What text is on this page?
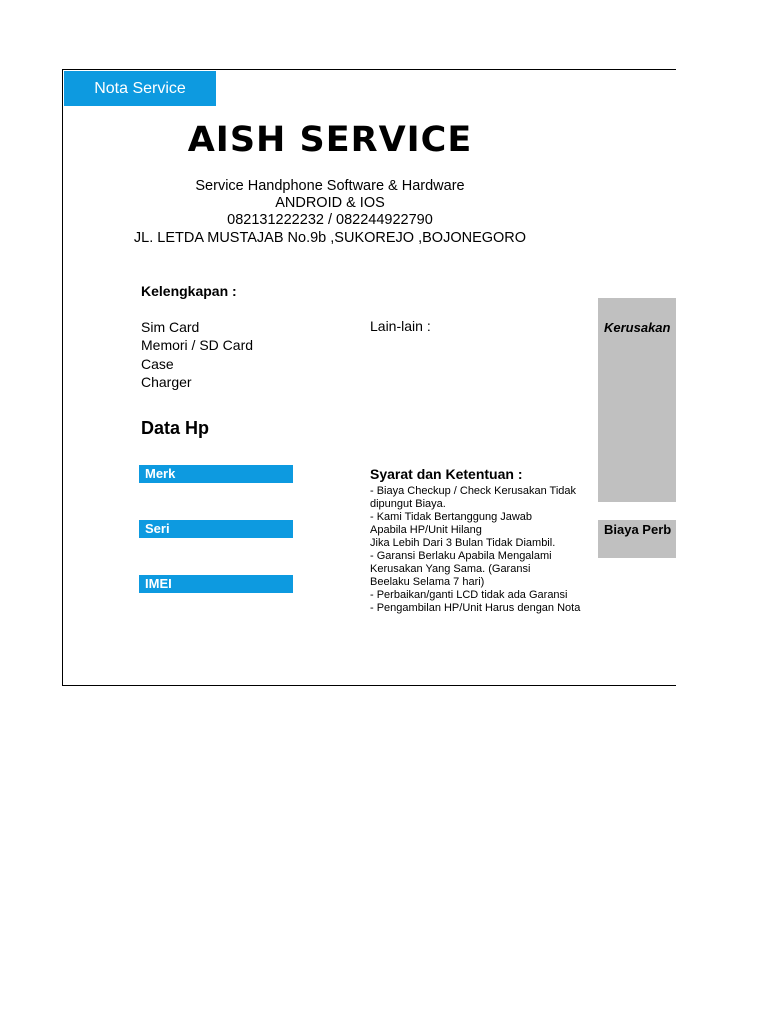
Nota Service
AISH SERVICE
Service Handphone Software & Hardware
ANDROID & IOS
082131222232 / 082244922790
JL. LETDA MUSTAJAB No.9b ,SUKOREJO ,BOJONEGORO
Kelengkapan :
Sim Card
Memori / SD Card
Case
Charger
Lain-lain :
Data Hp
Merk
Seri
IMEI
Syarat dan Ketentuan :
- Biaya Checkup / Check Kerusakan Tidak
dipungut Biaya.
- Kami Tidak Bertanggung Jawab
Apabila HP/Unit Hilang
Jika Lebih Dari 3 Bulan Tidak Diambil.
- Garansi Berlaku Apabila Mengalami
Kerusakan Yang Sama. (Garansi
Beelaku Selama 7 hari)
- Perbaikan/ganti LCD tidak ada Garansi
- Pengambilan HP/Unit Harus dengan Nota
Kerusakan
Biaya Perb
